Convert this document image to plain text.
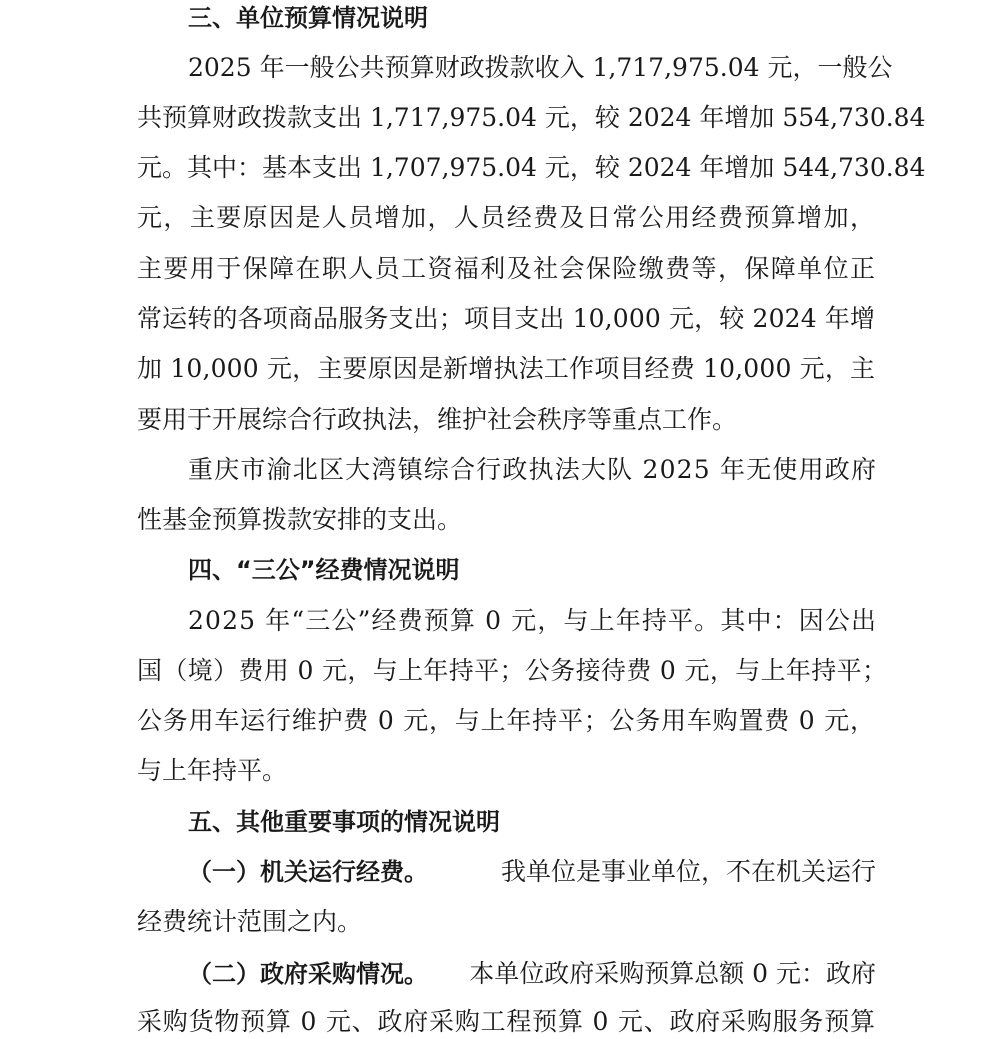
三、单位预算情况说明
2025 年一般公共预算财政拨款收入 1,717,975.04 元，一般公
共预算财政拨款支出 1,717,975.04 元，较 2024 年增加 554,730.84
元。其中：基本支出 1,707,975.04 元，较 2024 年增加 544,730.84
元，主要原因是人员增加，人员经费及日常公用经费预算增加，
主要用于保障在职人员工资福利及社会保险缴费等，保障单位正
常运转的各项商品服务支出；项目支出 10,000 元，较 2024 年增
加 10,000 元，主要原因是新增执法工作项目经费 10,000 元，主
要用于开展综合行政执法，维护社会秩序等重点工作。
重庆市渝北区大湾镇综合行政执法大队 2025 年无使用政府
性基金预算拨款安排的支出。
四、“三公”经费情况说明
2025 年“三公”经费预算 0 元，与上年持平。其中：因公出
国（境）费用 0 元，与上年持平；公务接待费 0 元，与上年持平；
公务用车运行维护费 0 元，与上年持平；公务用车购置费 0 元，
与上年持平。
五、其他重要事项的情况说明
（一）机关运行经费。	我单位是事业单位，不在机关运行
经费统计范围之内。
（二）政府采购情况。 本单位政府采购预算总额 0 元：政府
采购货物预算 0 元、政府采购工程预算 0 元、政府采购服务预算
